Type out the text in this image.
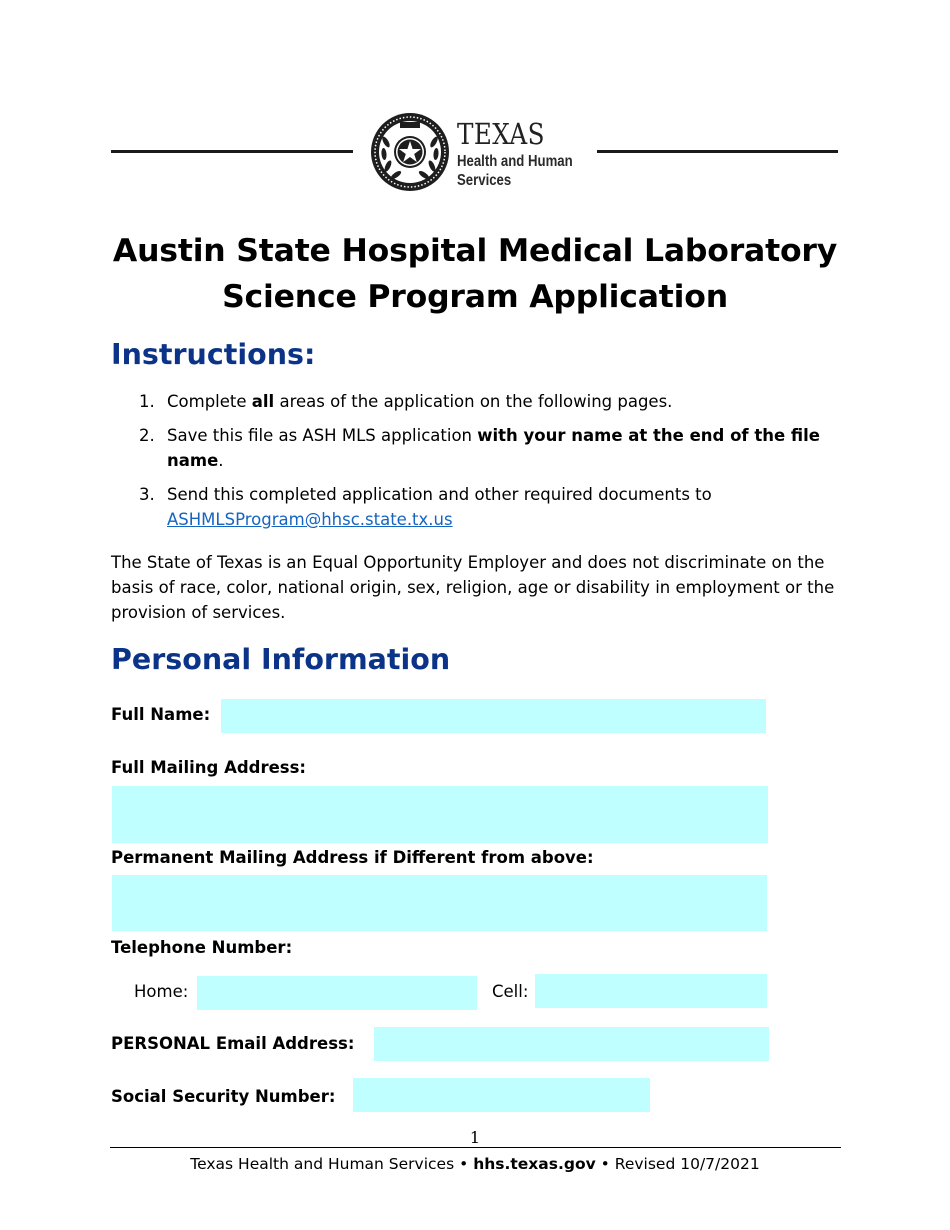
TEXAS
Health and Human
Services
Austin State Hospital Medical Laboratory
Science Program Application
Instructions:
1. Complete all areas of the application on the following pages.
2. Save this file as ASH MLS application with your name at the end of the file name.
3. Send this completed application and other required documents to
ASHMLSProgram@hhsc.state.tx.us

The State of Texas is an Equal Opportunity Employer and does not discriminate on the basis of race, color, national origin, sex, religion, age or disability in employment or the provision of services.

Personal Information
Full Name:
Full Mailing Address:
Permanent Mailing Address if Different from above:
Telephone Number:
Home:	Cell:
PERSONAL Email Address:
Social Security Number:
1
Texas Health and Human Services • hhs.texas.gov • Revised 10/7/2021
